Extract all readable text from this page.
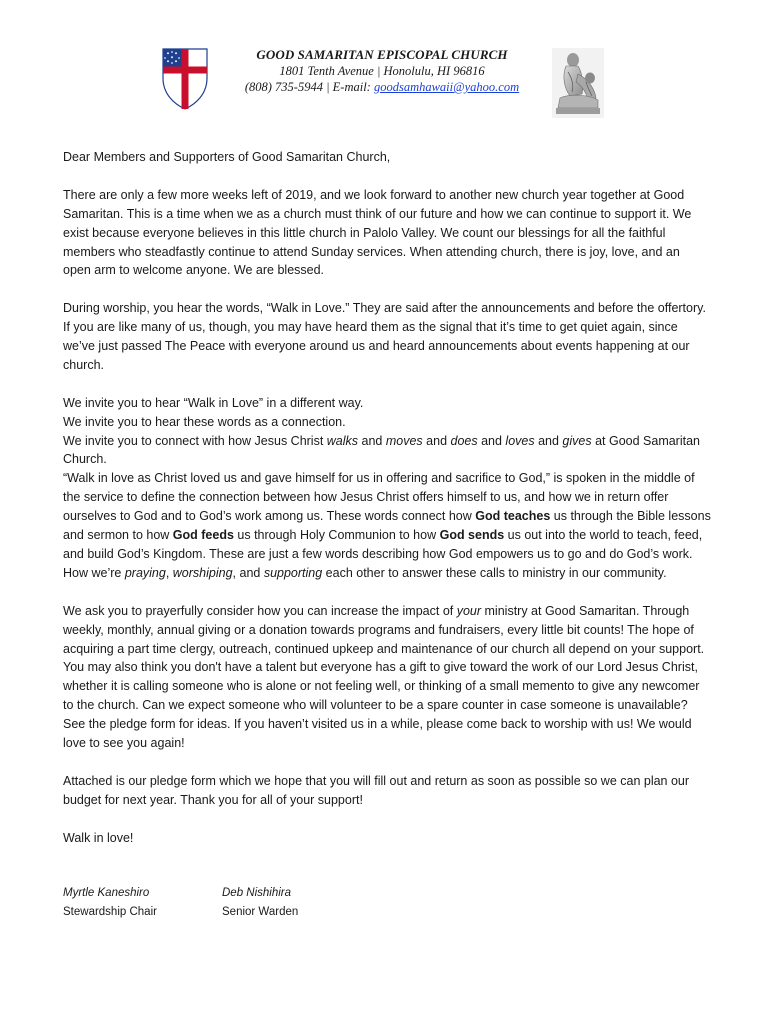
GOOD SAMARITAN EPISCOPAL CHURCH
1801 Tenth Avenue | Honolulu, HI 96816
(808) 735-5944 | E-mail: goodsamhawaii@yahoo.com

Dear Members and Supporters of Good Samaritan Church,

There are only a few more weeks left of 2019, and we look forward to another new church year together at Good Samaritan. This is a time when we as a church must think of our future and how we can continue to support it. We exist because everyone believes in this little church in Palolo Valley. We count our blessings for all the faithful members who steadfastly continue to attend Sunday services. When attending church, there is joy, love, and an open arm to welcome anyone. We are blessed.

During worship, you hear the words, “Walk in Love.” They are said after the announcements and before the offertory. If you are like many of us, though, you may have heard them as the signal that it’s time to get quiet again, since we’ve just passed The Peace with everyone around us and heard announcements about events happening at our church.

We invite you to hear “Walk in Love” in a different way.
We invite you to hear these words as a connection.
We invite you to connect with how Jesus Christ walks and moves and does and loves and gives at Good Samaritan Church.
“Walk in love as Christ loved us and gave himself for us in offering and sacrifice to God,” is spoken in the middle of the service to define the connection between how Jesus Christ offers himself to us, and how we in return offer ourselves to God and to God’s work among us. These words connect how God teaches us through the Bible lessons and sermon to how God feeds us through Holy Communion to how God sends us out into the world to teach, feed, and build God’s Kingdom. These are just a few words describing how God empowers us to go and do God’s work. How we’re praying, worshiping, and supporting each other to answer these calls to ministry in our community.

We ask you to prayerfully consider how you can increase the impact of your ministry at Good Samaritan. Through weekly, monthly, annual giving or a donation towards programs and fundraisers, every little bit counts! The hope of acquiring a part time clergy, outreach, continued upkeep and maintenance of our church all depend on your support. You may also think you don't have a talent but everyone has a gift to give toward the work of our Lord Jesus Christ, whether it is calling someone who is alone or not feeling well, or thinking of a small memento to give any newcomer to the church. Can we expect someone who will volunteer to be a spare counter in case someone is unavailable? See the pledge form for ideas. If you haven’t visited us in a while, please come back to worship with us! We would love to see you again!

Attached is our pledge form which we hope that you will fill out and return as soon as possible so we can plan our budget for next year. Thank you for all of your support!

Walk in love!

Myrtle Kaneshiro
Stewardship Chair
Deb Nishihira
Senior Warden
